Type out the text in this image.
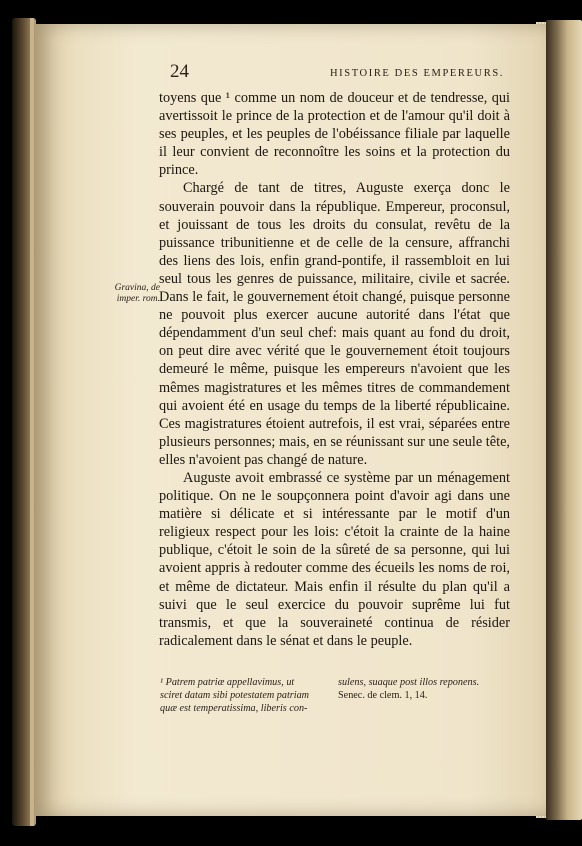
24	HISTOIRE DES EMPEREURS.
Gravina, de
imper. rom.

toyens que ¹ comme un nom de douceur et de tendresse, qui avertissoit le prince de la protection et de l'amour qu'il doit à ses peuples, et les peuples de l'obéissance filiale par laquelle il leur convient de reconnoître les soins et la protection du prince.

Chargé de tant de titres, Auguste exerça donc le souverain pouvoir dans la république. Empereur, proconsul, et jouissant de tous les droits du consulat, revêtu de la puissance tribunitienne et de celle de la censure, affranchi des liens des lois, enfin grand-pontife, il rassembloit en lui seul tous les genres de puissance, militaire, civile et sacrée. Dans le fait, le gouvernement étoit changé, puisque personne ne pouvoit plus exercer aucune autorité dans l'état que dépendamment d'un seul chef: mais quant au fond du droit, on peut dire avec vérité que le gouvernement étoit toujours demeuré le même, puisque les empereurs n'avoient que les mêmes magistratures et les mêmes titres de commandement qui avoient été en usage du temps de la liberté républicaine. Ces magistratures étoient autrefois, il est vrai, séparées entre plusieurs personnes; mais, en se réunissant sur une seule tête, elles n'avoient pas changé de nature.

Auguste avoit embrassé ce système par un ménagement politique. On ne le soupçonnera point d'avoir agi dans une matière si délicate et si intéressante par le motif d'un religieux respect pour les lois: c'étoit la crainte de la haine publique, c'étoit le soin de la sûreté de sa personne, qui lui avoient appris à redouter comme des écueils les noms de roi, et même de dictateur. Mais enfin il résulte du plan qu'il a suivi que le seul exercice du pouvoir suprême lui fut transmis, et que la souveraineté continua de résider radicalement dans le sénat et dans le peuple.

¹ Patrem patriæ appellavimus, ut
sciret datam sibi potestatem patriam
quæ est temperatissima, liberis con-
sulens, suaque post illos reponens.
Senec. de clem. 1, 14.
